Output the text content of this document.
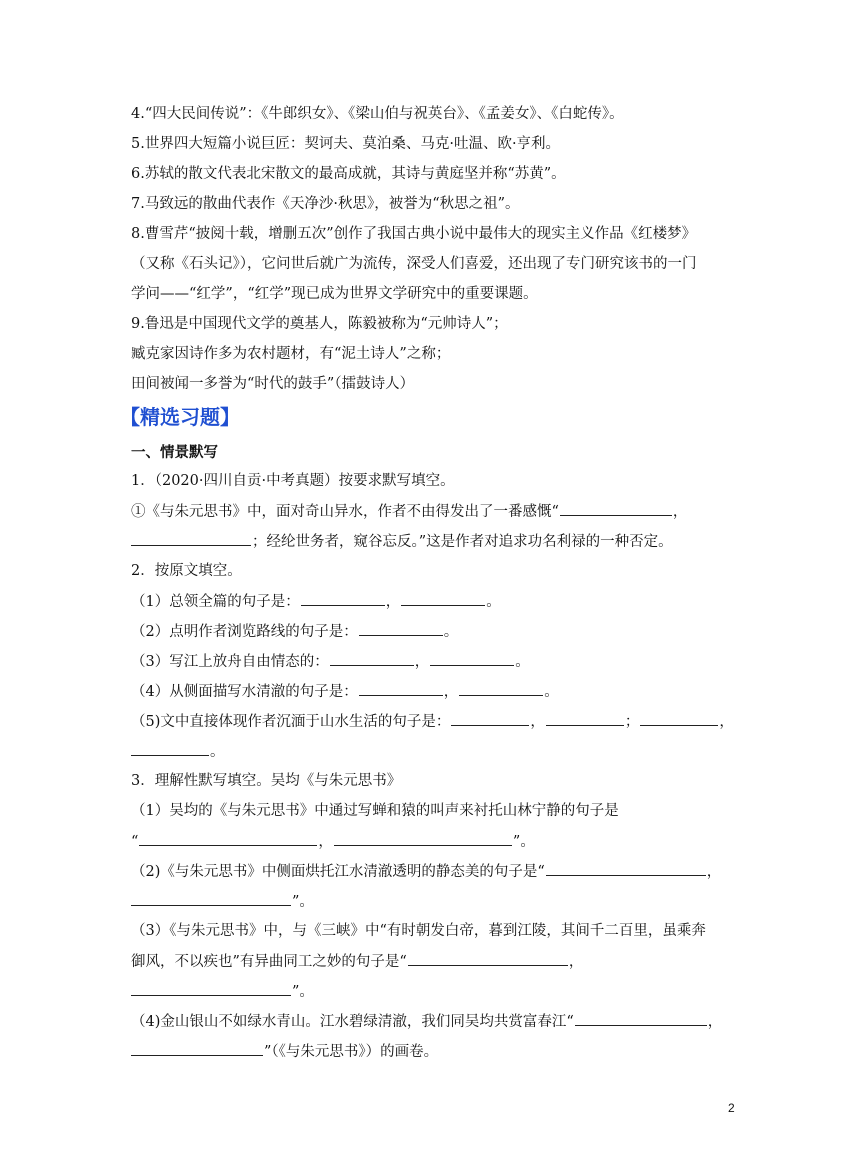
4.“四大民间传说”：《牛郎织女》、《梁山伯与祝英台》、《孟姜女》、《白蛇传》。
5.世界四大短篇小说巨匠：契诃夫、莫泊桑、马克·吐温、欧·亨利。
6.苏轼的散文代表北宋散文的最高成就，其诗与黄庭坚并称“苏黄”。
7.马致远的散曲代表作《天净沙·秋思》，被誉为“秋思之祖”。
8.曹雪芹“披阅十载，增删五次”创作了我国古典小说中最伟大的现实主义作品《红楼梦》
（又称《石头记》），它问世后就广为流传，深受人们喜爱，还出现了专门研究该书的一门
学问——“红学”，“红学”现已成为世界文学研究中的重要课题。
9.鲁迅是中国现代文学的奠基人，陈毅被称为“元帅诗人”；
臧克家因诗作多为农村题材，有“泥土诗人”之称；
田间被闻一多誉为“时代的鼓手”（擂鼓诗人）
【精选习题】
一、情景默写
1．（2020·四川自贡·中考真题）按要求默写填空。
①《与朱元思书》中，面对奇山异水，作者不由得发出了一番感慨“	，
；经纶世务者，窥谷忘反。”这是作者对追求功名利禄的一种否定。
2．按原文填空。
（1）总领全篇的句子是：	，	。
（2）点明作者浏览路线的句子是：	。
（3）写江上放舟自由情态的：	，	。
（4）从侧面描写水清澈的句子是：	，	。
（5)文中直接体现作者沉湎于山水生活的句子是：	，	；	，
。
3．理解性默写填空。吴均《与朱元思书》
（1）吴均的《与朱元思书》中通过写蝉和猿的叫声来衬托山林宁静的句子是
“	，	”。
（2)《与朱元思书》中侧面烘托江水清澈透明的静态美的句子是“	，
”。
（3）《与朱元思书》中，与《三峡》中“有时朝发白帝，暮到江陵，其间千二百里，虽乘奔
御风，不以疾也”有异曲同工之妙的句子是“	，
”。
（4)金山银山不如绿水青山。江水碧绿清澈，我们同吴均共赏富春江“	，
”（《与朱元思书》）的画卷。
2
